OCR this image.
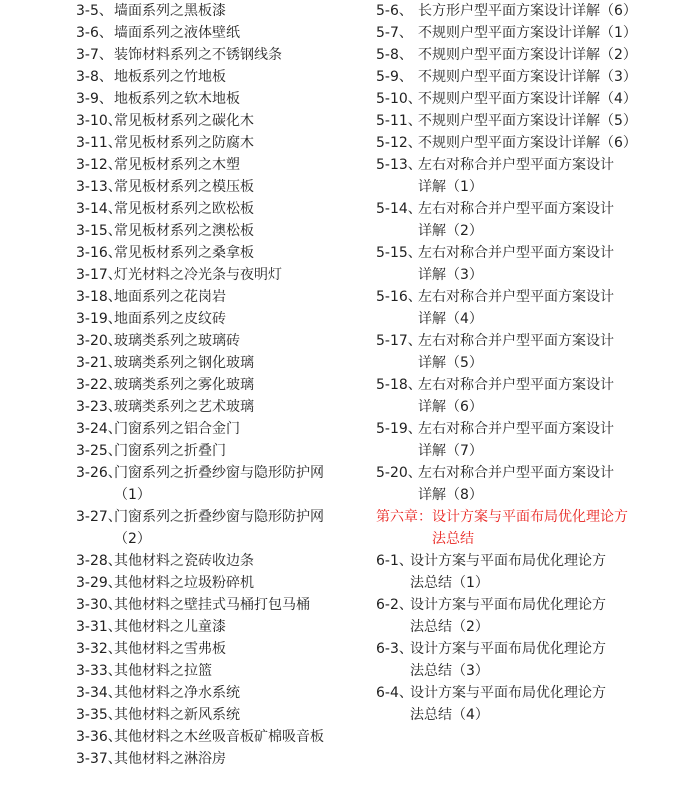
3-5、 墙面系列之黑板漆
3-6、 墙面系列之液体壁纸
3-7、 装饰材料系列之不锈钢线条
3-8、 地板系列之竹地板
3-9、 地板系列之软木地板
3-10、
常见板材系列之碳化木
3-11、
常见板材系列之防腐木
3-12、
常见板材系列之木塑
3-13、
常见板材系列之模压板
3-14、
常见板材系列之欧松板
3-15、
常见板材系列之澳松板
3-16、
常见板材系列之桑拿板
3-17、
灯光材料之冷光条与夜明灯
3-18、
地面系列之花岗岩
3-19、
地面系列之皮纹砖
3-20、
玻璃类系列之玻璃砖
3-21、
玻璃类系列之钢化玻璃
3-22、
玻璃类系列之雾化玻璃
3-23、
玻璃类系列之艺术玻璃
3-24、
门窗系列之铝合金门
3-25、
门窗系列之折叠门
3-26、
门窗系列之折叠纱窗与隐形防护网（1）
3-27、
门窗系列之折叠纱窗与隐形防护网（2）
3-28、
其他材料之瓷砖收边条
3-29、
其他材料之垃圾粉碎机
3-30、
其他材料之壁挂式马桶打包马桶
3-31、
其他材料之儿童漆
3-32、
其他材料之雪弗板
3-33、
其他材料之拉篮
3-34、
其他材料之净水系统
3-35、
其他材料之新风系统
3-36、
其他材料之木丝吸音板矿棉吸音板
3-37、
其他材料之淋浴房
5-6、 长方形户型平面方案设计详解（6）
5-7、 不规则户型平面方案设计详解（1）
5-8、 不规则户型平面方案设计详解（2）
5-9、 不规则户型平面方案设计详解（3）
5-10、
不规则户型平面方案设计详解（4）
5-11、
不规则户型平面方案设计详解（5）
5-12、
不规则户型平面方案设计详解（6）
5-13、
左右对称合并户型平面方案设计详解（1）
5-14、
左右对称合并户型平面方案设计详解（2）
5-15、
左右对称合并户型平面方案设计详解（3）
5-16、
左右对称合并户型平面方案设计详解（4）
5-17、
左右对称合并户型平面方案设计详解（5）
5-18、
左右对称合并户型平面方案设计详解（6）
5-19、
左右对称合并户型平面方案设计详解（7）
5-20、
左右对称合并户型平面方案设计详解（8）
第六章： 设计方案与平面布局优化理论方法总结
6-1、
设计方案与平面布局优化理论方法总结（1）
6-2、
设计方案与平面布局优化理论方法总结（2）
6-3、
设计方案与平面布局优化理论方法总结（3）
6-4、
设计方案与平面布局优化理论方法总结（4）
